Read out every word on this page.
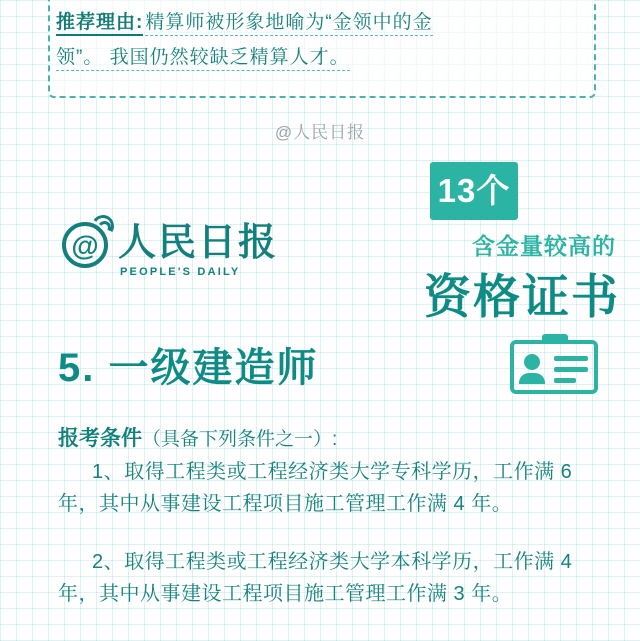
推荐理由: 精算师被形象地喻为“金领中的金
领”。 我国仍然较缺乏精算人才。
@人民日报
@ 人民日报
PEOPLE'S DAILY
13个
含金量较高的
资格证书
5. 一级建造师
报考条件（具备下列条件之一）:
1、取得工程类或工程经济类大学专科学历，工作满 6 年，其中从事建设工程项目施工管理工作满 4 年。
2、取得工程类或工程经济类大学本科学历，工作满 4 年，其中从事建设工程项目施工管理工作满 3 年。
